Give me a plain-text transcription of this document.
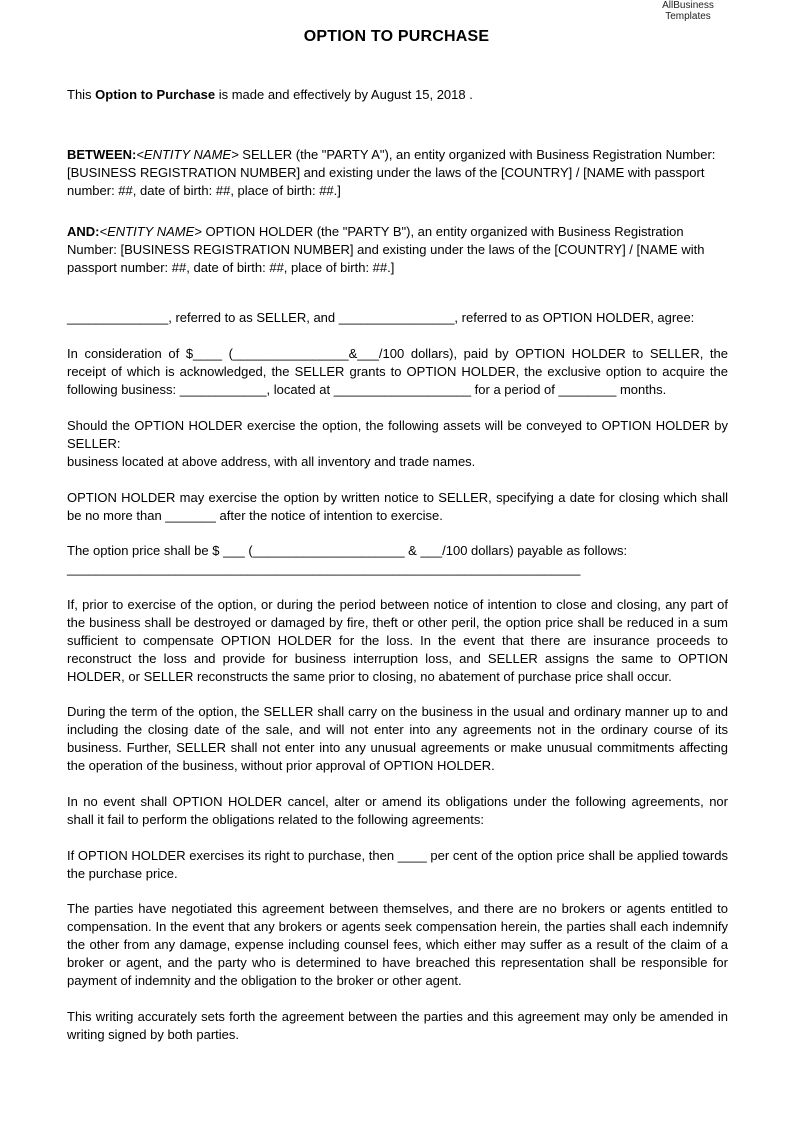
AllBusiness
Templates
OPTION TO PURCHASE

This Option to Purchase is made and effectively by August 15, 2018 .

BETWEEN:<ENTITY NAME> SELLER (the "PARTY A"), an entity organized with Business Registration Number: [BUSINESS REGISTRATION NUMBER] and existing under the laws of the [COUNTRY] / [NAME with passport number: ##, date of birth: ##, place of birth: ##.]

AND:<ENTITY NAME> OPTION HOLDER (the "PARTY B"), an entity organized with Business Registration Number: [BUSINESS REGISTRATION NUMBER] and existing under the laws of the [COUNTRY] / [NAME with passport number: ##, date of birth: ##, place of birth: ##.]

______________, referred to as SELLER, and ________________, referred to as OPTION HOLDER, agree:

In consideration of $____ (________________&___/100 dollars), paid by OPTION HOLDER to SELLER, the receipt of which is acknowledged, the SELLER grants to OPTION HOLDER, the exclusive option to acquire the following business: ____________, located at ___________________ for a period of ________ months.

Should the OPTION HOLDER exercise the option, the following assets will be conveyed to OPTION HOLDER by SELLER:
business located at above address, with all inventory and trade names.

OPTION HOLDER may exercise the option by written notice to SELLER, specifying a date for closing which shall be no more than _______ after the notice of intention to exercise.

The option price shall be $ ___ (_____________________ & ___/100 dollars) payable as follows:
_______________________________________________________________________

If, prior to exercise of the option, or during the period between notice of intention to close and closing, any part of the business shall be destroyed or damaged by fire, theft or other peril, the option price shall be reduced in a sum sufficient to compensate OPTION HOLDER for the loss. In the event that there are insurance proceeds to reconstruct the loss and provide for business interruption loss, and SELLER assigns the same to OPTION HOLDER, or SELLER reconstructs the same prior to closing, no abatement of purchase price shall occur.

During the term of the option, the SELLER shall carry on the business in the usual and ordinary manner up to and including the closing date of the sale, and will not enter into any agreements not in the ordinary course of its business. Further, SELLER shall not enter into any unusual agreements or make unusual commitments affecting the operation of the business, without prior approval of OPTION HOLDER.

In no event shall OPTION HOLDER cancel, alter or amend its obligations under the following agreements, nor shall it fail to perform the obligations related to the following agreements:

If OPTION HOLDER exercises its right to purchase, then ____ per cent of the option price shall be applied towards the purchase price.

The parties have negotiated this agreement between themselves, and there are no brokers or agents entitled to compensation. In the event that any brokers or agents seek compensation herein, the parties shall each indemnify the other from any damage, expense including counsel fees, which either may suffer as a result of the claim of a broker or agent, and the party who is determined to have breached this representation shall be responsible for payment of indemnity and the obligation to the broker or other agent.

This writing accurately sets forth the agreement between the parties and this agreement may only be amended in writing signed by both parties.
